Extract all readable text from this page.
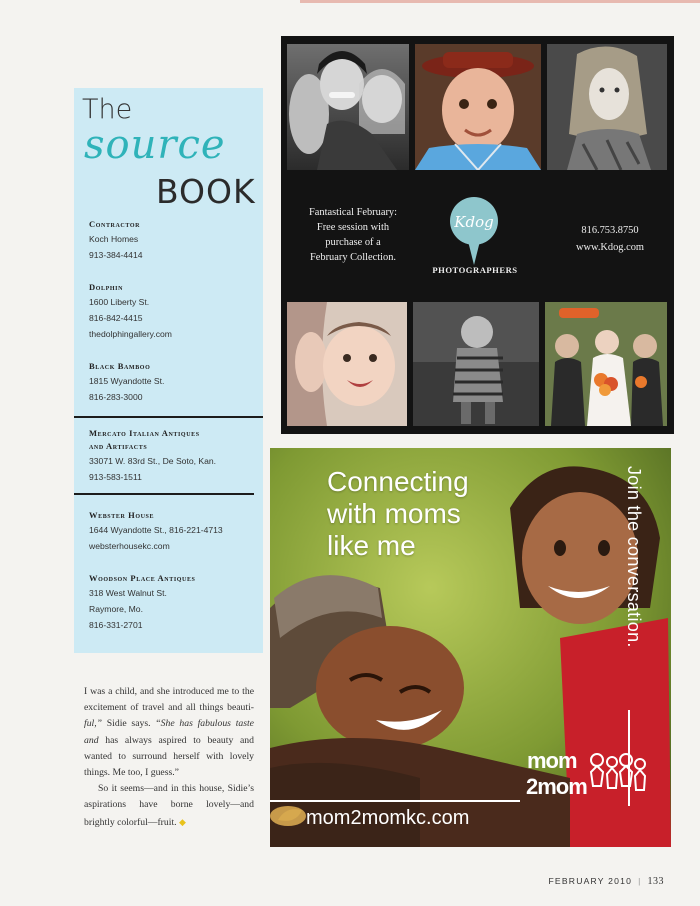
The
source
BOOK
Contractor
Koch Homes
913-384-4414
Dolphin
1600 Liberty St.
816-842-4415
thedolphingallery.com
Black Bamboo
1815 Wyandotte St.
816-283-3000
Mercato Italian Antiques
and Artifacts
33071 W. 83rd St., De Soto, Kan.
913-583-1511
Webster House
1644 Wyandotte St., 816-221-4713
websterhousekc.com
Woodson Place Antiques
318 West Walnut St.
Raymore, Mo.
816-331-2701

I was a child, and she introduced me to the excitement of travel and all things beauti-ful,” Sidie says. “She has fabulous taste and has always aspired to beauty and wanted to surround herself with lovely things. Me too, I guess.”

So it seems—and in this house, Sidie’s aspirations have borne lovely—and brightly colorful—fruit. ◆

Fantastical February:
Free session with
purchase of a
February Collection.
Kdog
PHOTOGRAPHERS
816.753.8750
www.Kdog.com
Connecting
with moms
like me	Join the conversation.
mom
2mom
mom2momkc.com
FEBRUARY 2010 | 133
